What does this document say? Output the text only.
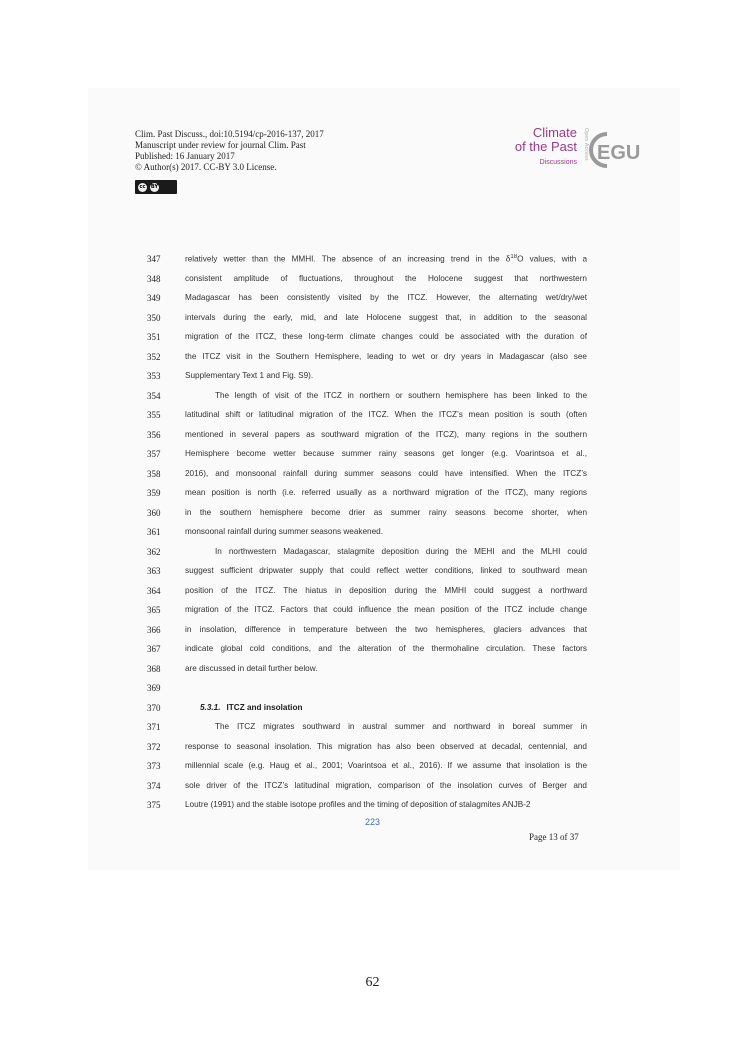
Clim. Past Discuss., doi:10.5194/cp-2016-137, 2017
Manuscript under review for journal Clim. Past
Published: 16 January 2017
© Author(s) 2017. CC-BY 3.0 License.
cc	BY
Climate
of the Past
Discussions
Open Access EGU
347	relatively wetter than the MMHI. The absence of an increasing trend in the $\delta^{18}O$ values, with a
348	consistent amplitude of fluctuations, throughout the Holocene suggest that northwestern
349	Madagascar has been consistently visited by the ITCZ. However, the alternating wet/dry/wet
350	intervals during the early, mid, and late Holocene suggest that, in addition to the seasonal
351	migration of the ITCZ, these long-term climate changes could be associated with the duration of
352	the ITCZ visit in the Southern Hemisphere, leading to wet or dry years in Madagascar (also see
353	Supplementary Text 1 and Fig. S9).
354	The length of visit of the ITCZ in northern or southern hemisphere has been linked to the
355	latitudinal shift or latitudinal migration of the ITCZ. When the ITCZ’s mean position is south (often
356	mentioned in several papers as southward migration of the ITCZ), many regions in the southern
357	Hemisphere become wetter because summer rainy seasons get longer (e.g. Voarintsoa et al.,
358	2016), and monsoonal rainfall during summer seasons could have intensified. When the ITCZ’s
359	mean position is north (i.e. referred usually as a northward migration of the ITCZ), many regions
360	in the southern hemisphere become drier as summer rainy seasons become shorter, when
361	monsoonal rainfall during summer seasons weakened.
362	In northwestern Madagascar, stalagmite deposition during the MEHI and the MLHI could
363	suggest sufficient dripwater supply that could reflect wetter conditions, linked to southward mean
364	position of the ITCZ. The hiatus in deposition during the MMHI could suggest a northward
365	migration of the ITCZ. Factors that could influence the mean position of the ITCZ include change
366	in insolation, difference in temperature between the two hemispheres, glaciers advances that
367	indicate global cold conditions, and the alteration of the thermohaline circulation. These factors
368	are discussed in detail further below.
369
370	5.3.1. ITCZ and insolation
371	The ITCZ migrates southward in austral summer and northward in boreal summer in
372	response to seasonal insolation. This migration has also been observed at decadal, centennial, and
373	millennial scale (e.g. Haug et al., 2001; Voarintsoa et al., 2016). If we assume that insolation is the
374	sole driver of the ITCZ’s latitudinal migration, comparison of the insolation curves of Berger and
375	Loutre (1991) and the stable isotope profiles and the timing of deposition of stalagmites ANJB-2
223
Page 13 of 37
62
